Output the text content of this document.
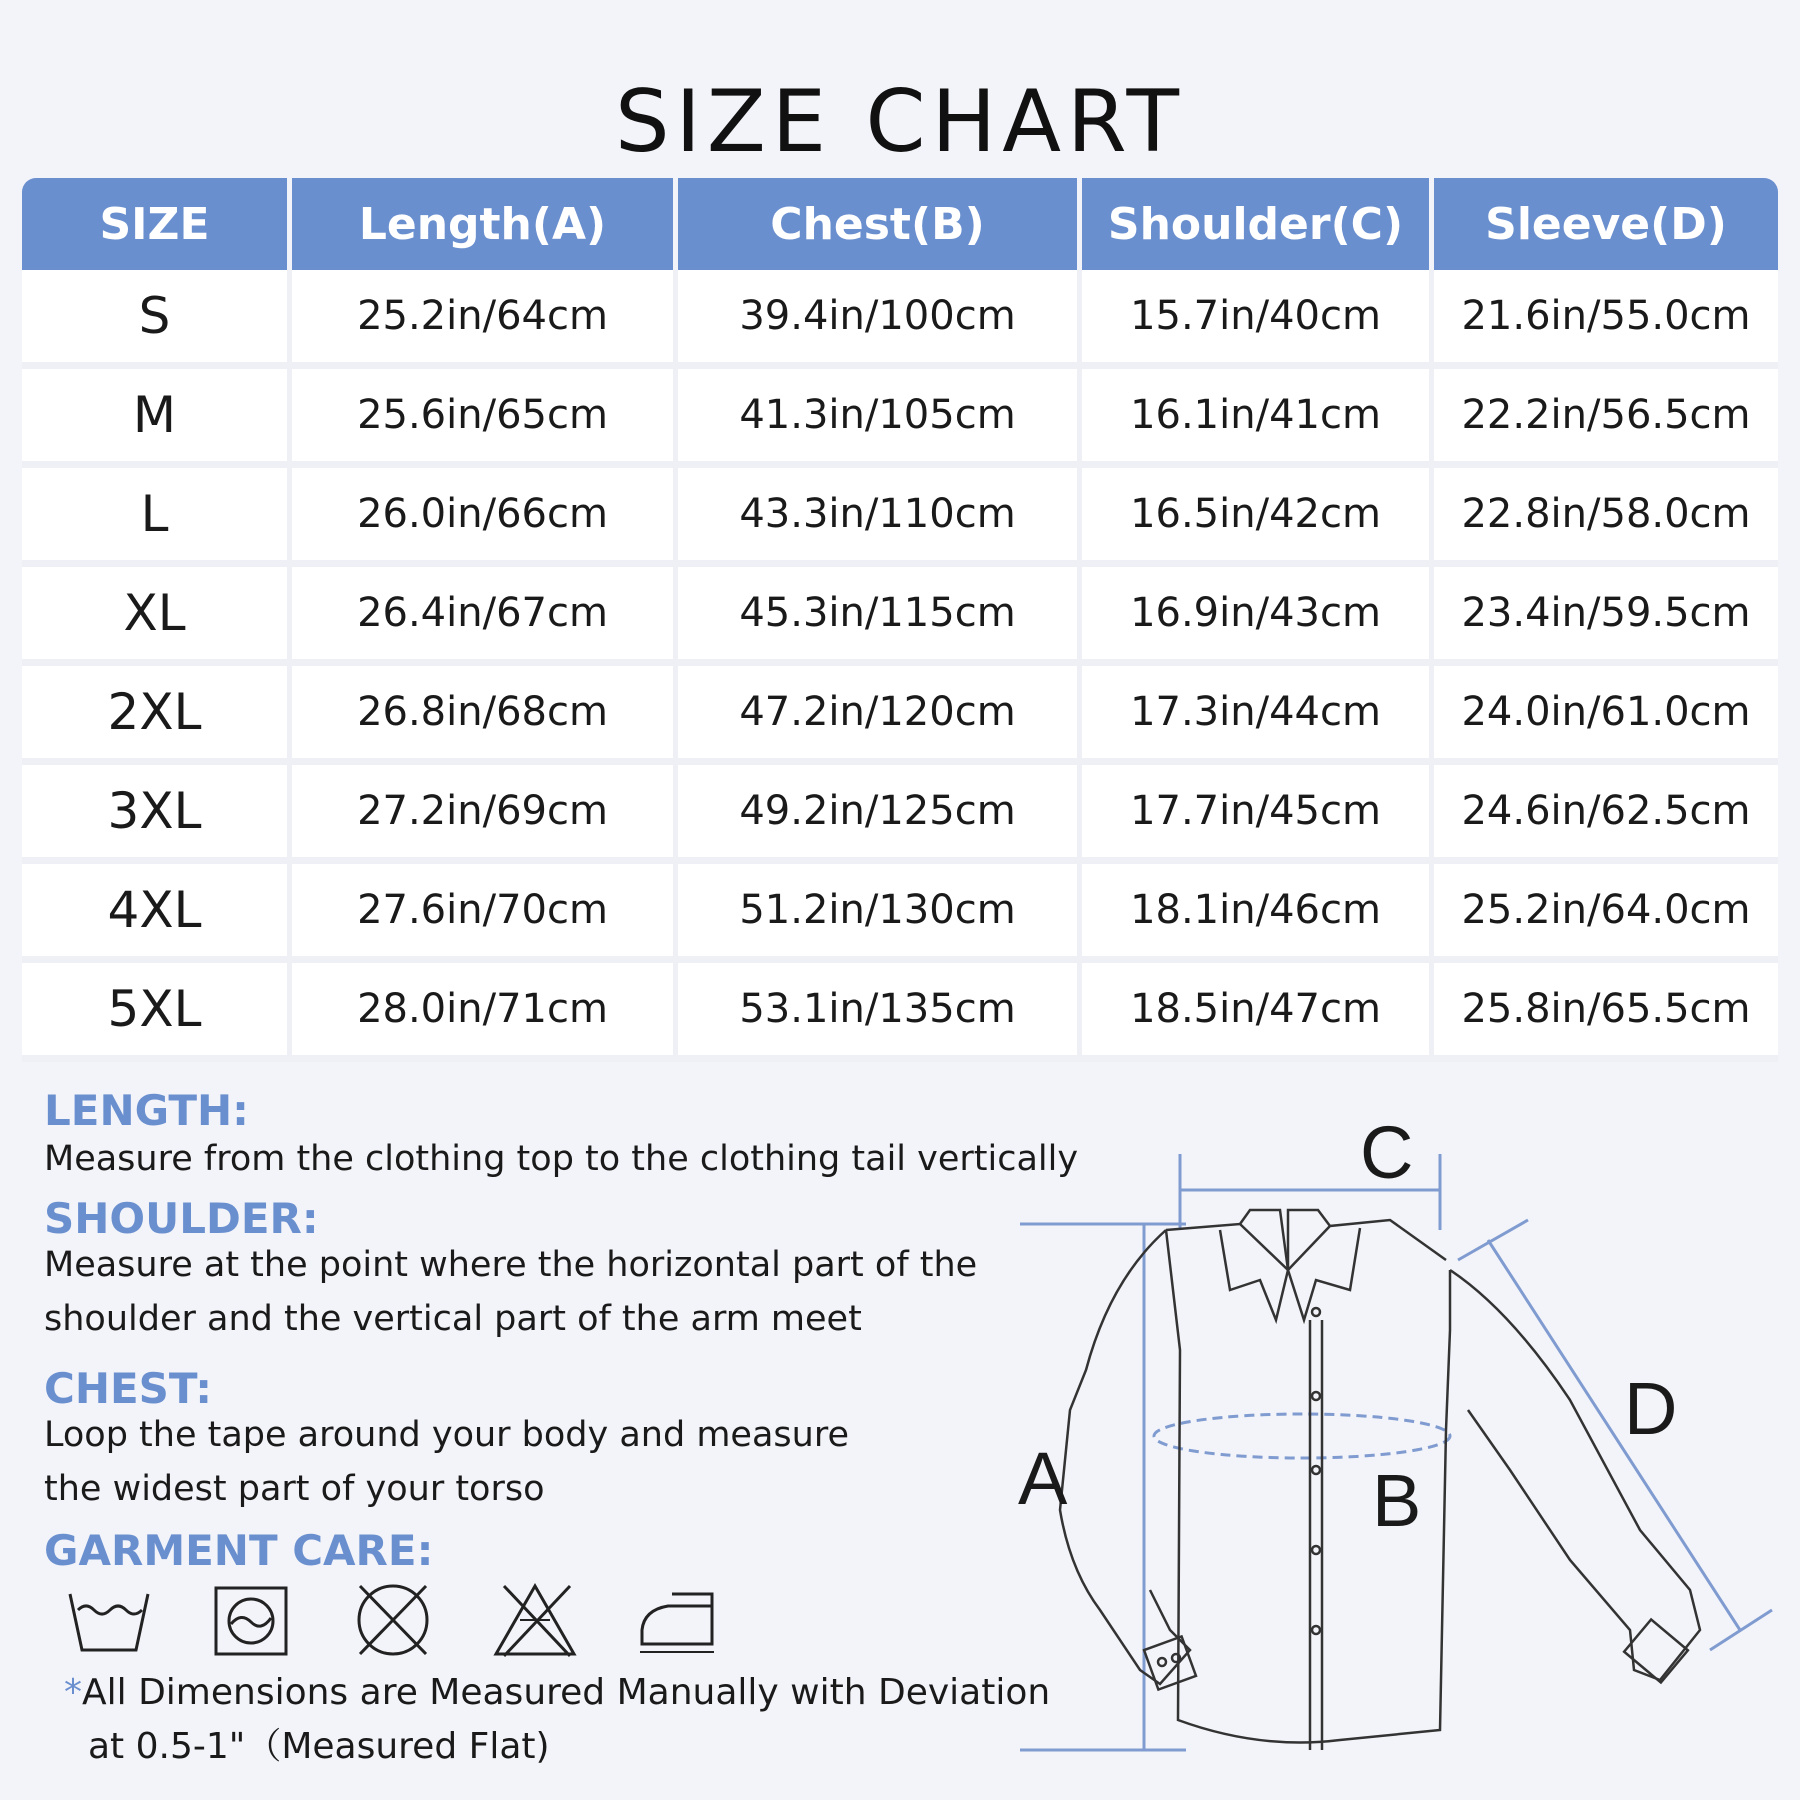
SIZE CHART
SIZE	Length(A)	Chest(B)	Shoulder(C)	Sleeve(D)
S	25.2in/64cm	39.4in/100cm	15.7in/40cm	21.6in/55.0cm
M	25.6in/65cm	41.3in/105cm	16.1in/41cm	22.2in/56.5cm
L	26.0in/66cm	43.3in/110cm	16.5in/42cm	22.8in/58.0cm
XL	26.4in/67cm	45.3in/115cm	16.9in/43cm	23.4in/59.5cm
2XL	26.8in/68cm	47.2in/120cm	17.3in/44cm	24.0in/61.0cm
3XL	27.2in/69cm	49.2in/125cm	17.7in/45cm	24.6in/62.5cm
4XL	27.6in/70cm	51.2in/130cm	18.1in/46cm	25.2in/64.0cm
5XL	28.0in/71cm	53.1in/135cm	18.5in/47cm	25.8in/65.5cm
LENGTH:
Measure from the clothing top to the clothing tail vertically
SHOULDER:
Measure at the point where the horizontal part of the
shoulder and the vertical part of the arm meet
CHEST:
Loop the tape around your body and measure
the widest part of your torso
GARMENT CARE:
*All Dimensions are Measured Manually with Deviation
at 0.5-1"（Measured Flat)
A	B
C
D
